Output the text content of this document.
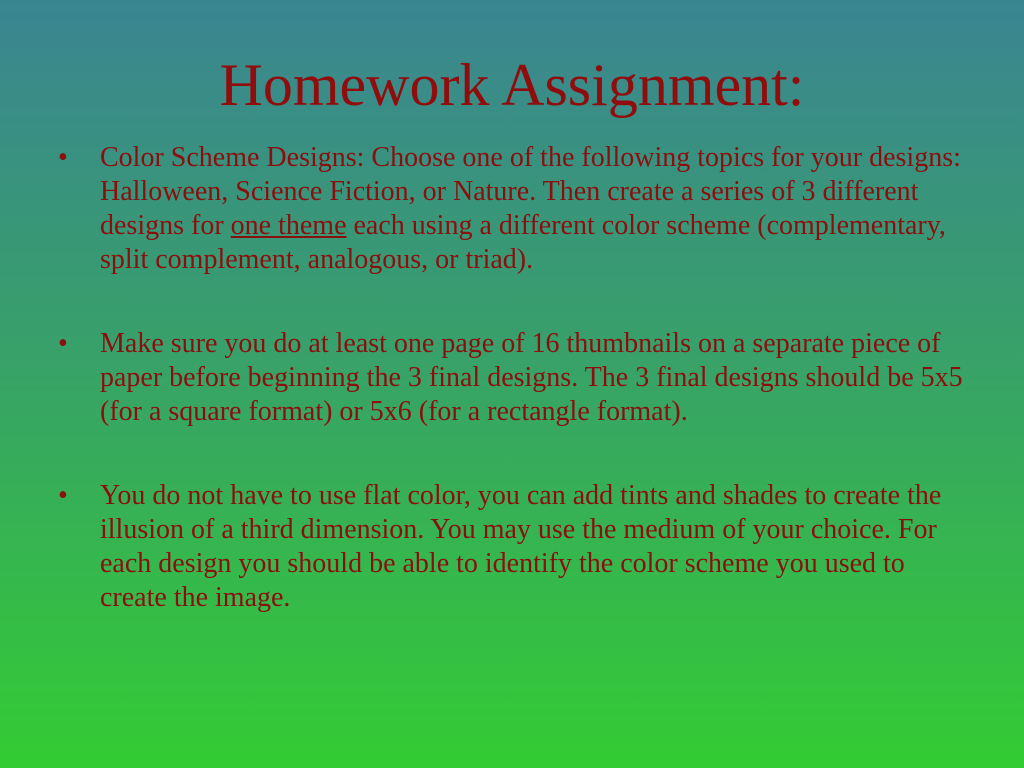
Homework Assignment:
•	Color Scheme Designs: Choose one of the following topics for your designs: Halloween, Science Fiction, or Nature. Then create a series of 3 different designs for one theme each using a different color scheme (complementary, split complement, analogous, or triad).
•	Make sure you do at least one page of 16 thumbnails on a separate piece of paper before beginning the 3 final designs. The 3 final designs should be 5x5 (for a square format) or 5x6 (for a rectangle format).
•	You do not have to use flat color, you can add tints and shades to create the illusion of a third dimension. You may use the medium of your choice. For each design you should be able to identify the color scheme you used to create the image.
